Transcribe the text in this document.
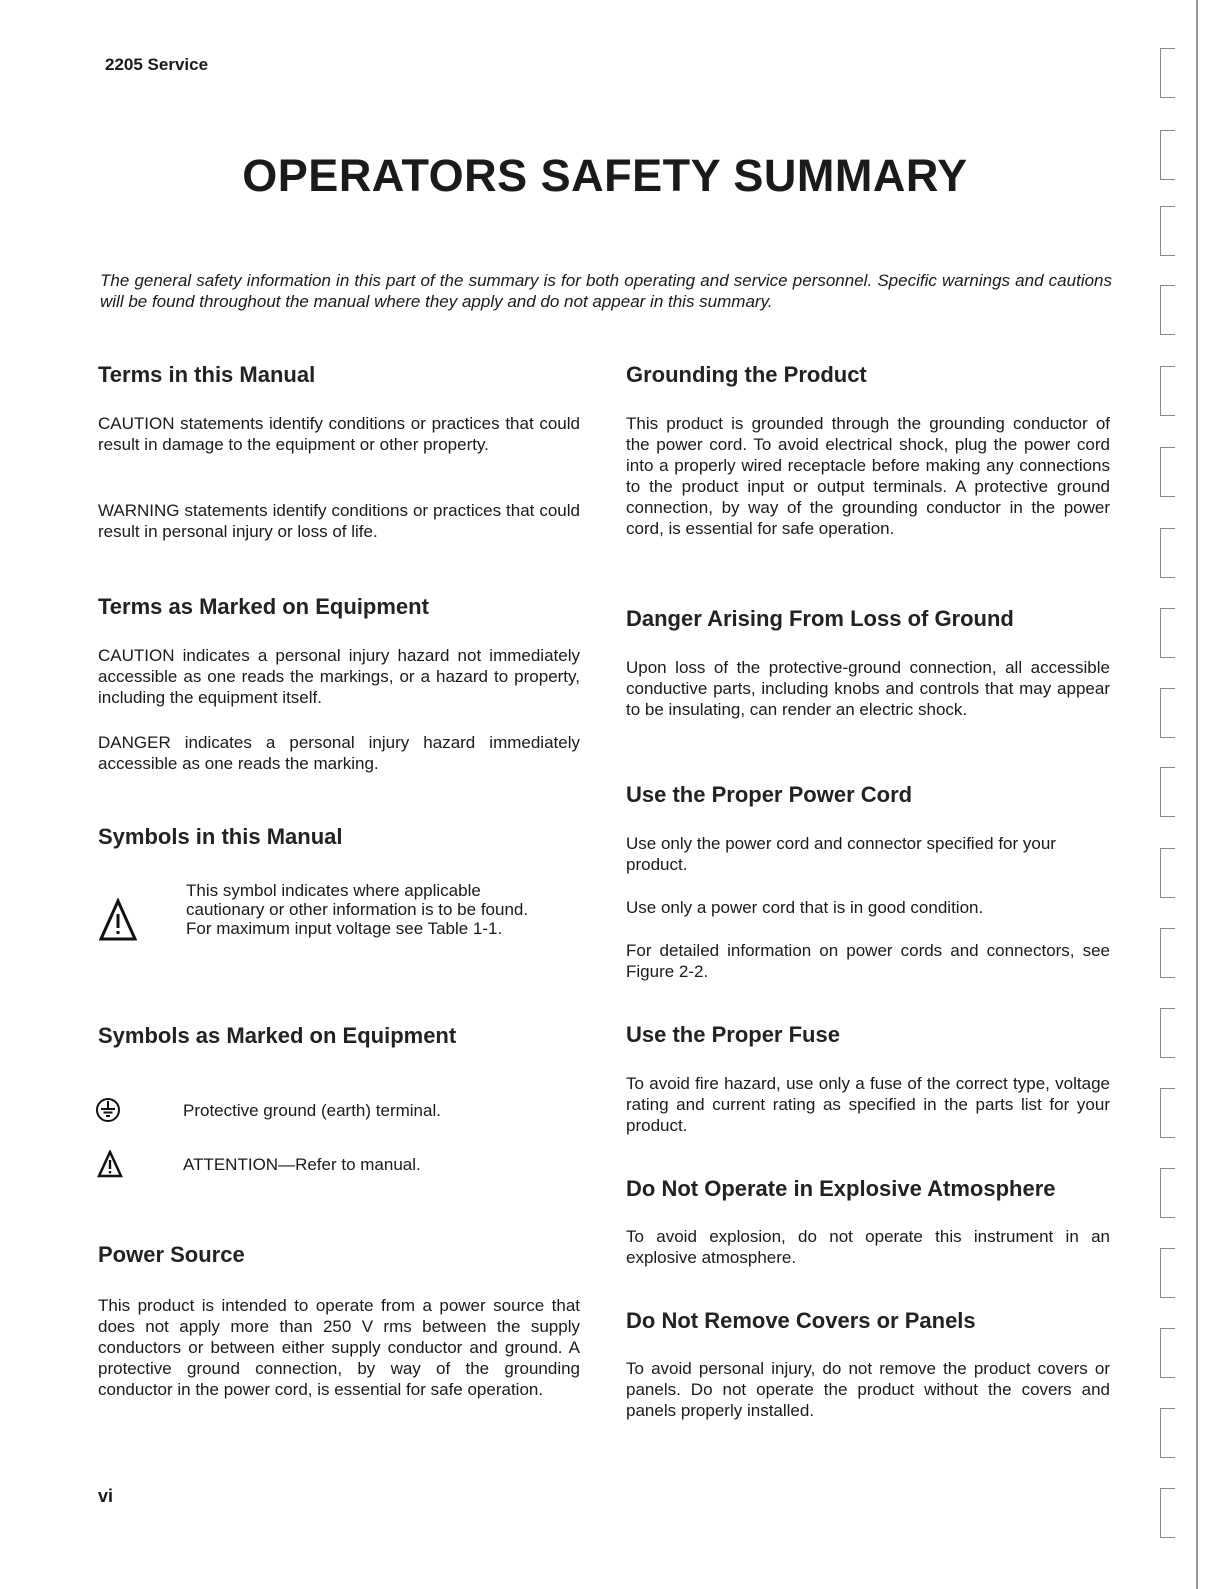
2205 Service
OPERATORS SAFETY SUMMARY
The general safety information in this part of the summary is for both operating and service personnel. Specific warnings and cautions will be found throughout the manual where they apply and do not appear in this summary.
Terms in this Manual

CAUTION statements identify conditions or practices that could result in damage to the equipment or other property.

WARNING statements identify conditions or practices that could result in personal injury or loss of life.

Terms as Marked on Equipment

CAUTION indicates a personal injury hazard not immediately accessible as one reads the markings, or a hazard to property, including the equipment itself.

DANGER indicates a personal injury hazard immediately accessible as one reads the marking.

Symbols in this Manual

This symbol indicates where applicable cautionary or other information is to be found. For maximum input voltage see Table 1-1.

Symbols as Marked on Equipment

Protective ground (earth) terminal.

ATTENTION—Refer to manual.

Power Source

This product is intended to operate from a power source that does not apply more than 250 V rms between the supply conductors or between either supply conductor and ground. A protective ground connection, by way of the grounding conductor in the power cord, is essential for safe operation.

Grounding the Product

This product is grounded through the grounding conductor of the power cord. To avoid electrical shock, plug the power cord into a properly wired receptacle before making any connections to the product input or output terminals. A protective ground connection, by way of the grounding conductor in the power cord, is essential for safe operation.

Danger Arising From Loss of Ground

Upon loss of the protective-ground connection, all accessible conductive parts, including knobs and controls that may appear to be insulating, can render an electric shock.

Use the Proper Power Cord

Use only the power cord and connector specified for your product.

Use only a power cord that is in good condition.

For detailed information on power cords and connectors, see Figure 2-2.

Use the Proper Fuse

To avoid fire hazard, use only a fuse of the correct type, voltage rating and current rating as specified in the parts list for your product.

Do Not Operate in Explosive Atmosphere

To avoid explosion, do not operate this instrument in an explosive atmosphere.

Do Not Remove Covers or Panels

To avoid personal injury, do not remove the product covers or panels. Do not operate the product without the covers and panels properly installed.

vi
